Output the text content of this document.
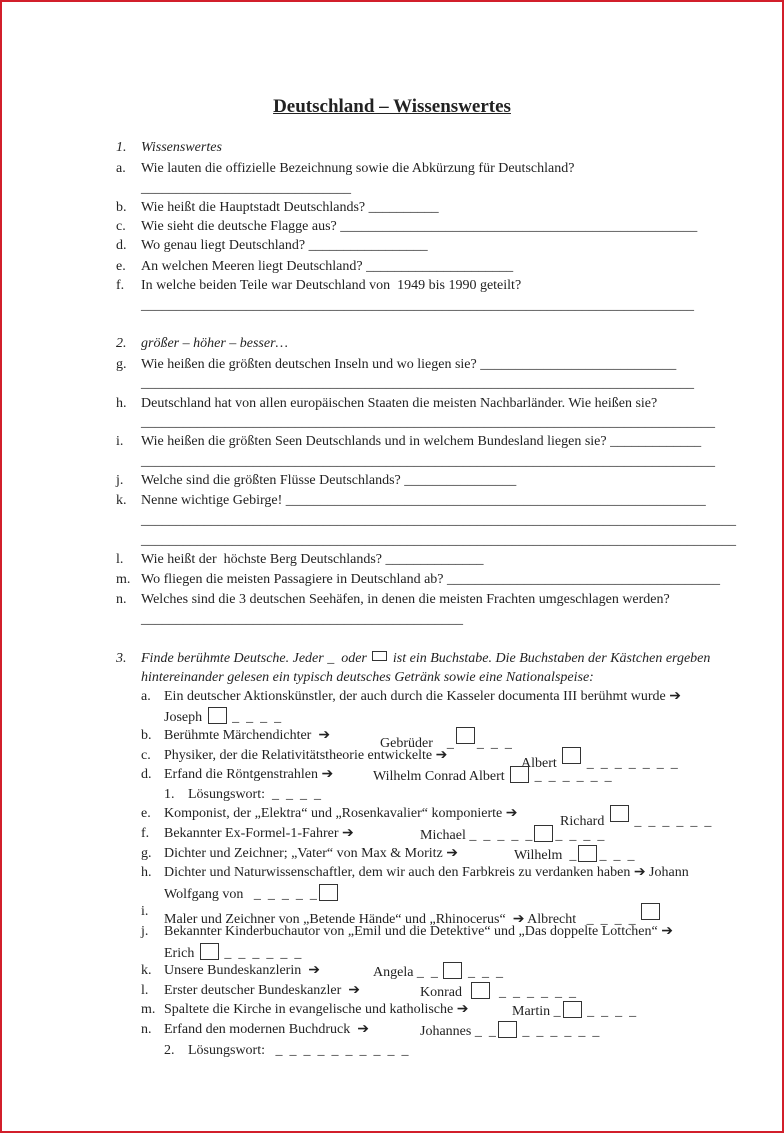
Deutschland – Wissenswertes
1. Wissenswertes
a. Wie lauten die offizielle Bezeichnung sowie die Abkürzung für Deutschland?
______________________________
b. Wie heißt die Hauptstadt Deutschlands? __________
c. Wie sieht die deutsche Flagge aus? ___________________________________________________
d. Wo genau liegt Deutschland? _________________
e. An welchen Meeren liegt Deutschland? _____________________
f. In welche beiden Teile war Deutschland von  1949 bis 1990 geteilt?
_______________________________________________________________________________
2. größer – höher – besser…
g. Wie heißen die größten deutschen Inseln und wo liegen sie? ____________________________
_______________________________________________________________________________
h. Deutschland hat von allen europäischen Staaten die meisten Nachbarländer. Wie heißen sie?
__________________________________________________________________________________
i. Wie heißen die größten Seen Deutschlands und in welchem Bundesland liegen sie? _____________
__________________________________________________________________________________
j. Welche sind die größten Flüsse Deutschlands? ________________
k. Nenne wichtige Gebirge! ____________________________________________________________
_____________________________________________________________________________________
_____________________________________________________________________________________
l. Wie heißt der  höchste Berg Deutschlands? ______________
m. Wo fliegen die meisten Passagiere in Deutschland ab? _______________________________________
n. Welches sind die 3 deutschen Seehäfen, in denen die meisten Frachten umgeschlagen werden?
______________________________________________
3. Finde berühmte Deutsche. Jeder _  oder ist ein Buchstabe. Die Buchstaben der Kästchen ergeben
hintereinander gelesen ein typisch deutsches Getränk sowie eine Nationalspeise:
a. Ein deutscher Aktionskünstler, der auch durch die Kasseler documenta III berühmt wurde ➔
Joseph _  _  _  _
b. Berühmte Märchendichter  ➔
Gebrüder    _ _  _  _
c. Physiker, der die Relativitätstheorie entwickelte ➔
Albert _  _  _  _  _  _  _
d. Erfand die Röntgenstrahlen ➔	Wilhelm Conrad Albert _  _  _  _  _  _
1. Lösungswort: _  _  _  _
e. Komponist, der „Elektra“ und „Rosenkavalier“ komponierte ➔
Richard _  _  _  _  _  _
f. Bekannter Ex-Formel-1-Fahrer ➔	Michael _  _  _  _  _ _  _  _  _
g. Dichter und Zeichner; „Vater“ von Max & Moritz ➔	Wilhelm  _ _  _  _
h. Dichter und Naturwissenschaftler, dem wir auch den Farbkreis zu verdanken haben ➔ Johann
Wolfgang von   _  _  _  _  _
i.
Maler und Zeichner von „Betende Hände“ und „Rhinocerus“  ➔ Albrecht   _  _  _  _
j. Bekannter Kinderbuchautor von „Emil und die Detektive“ und „Das doppelte Lottchen“ ➔
Erich _  _  _  _  _  _
k. Unsere Bundeskanzlerin  ➔	Angela _  _ _  _  _
l. Erster deutscher Bundeskanzler  ➔	Konrad	_  _  _  _  _  _
m. Spaltete die Kirche in evangelische und katholische ➔	Martin _ _  _  _  _
n. Erfand den modernen Buchdruck  ➔	Johannes _  _ _  _  _  _  _  _
2. Lösungswort: _  _  _  _  _  _  _  _  _  _
